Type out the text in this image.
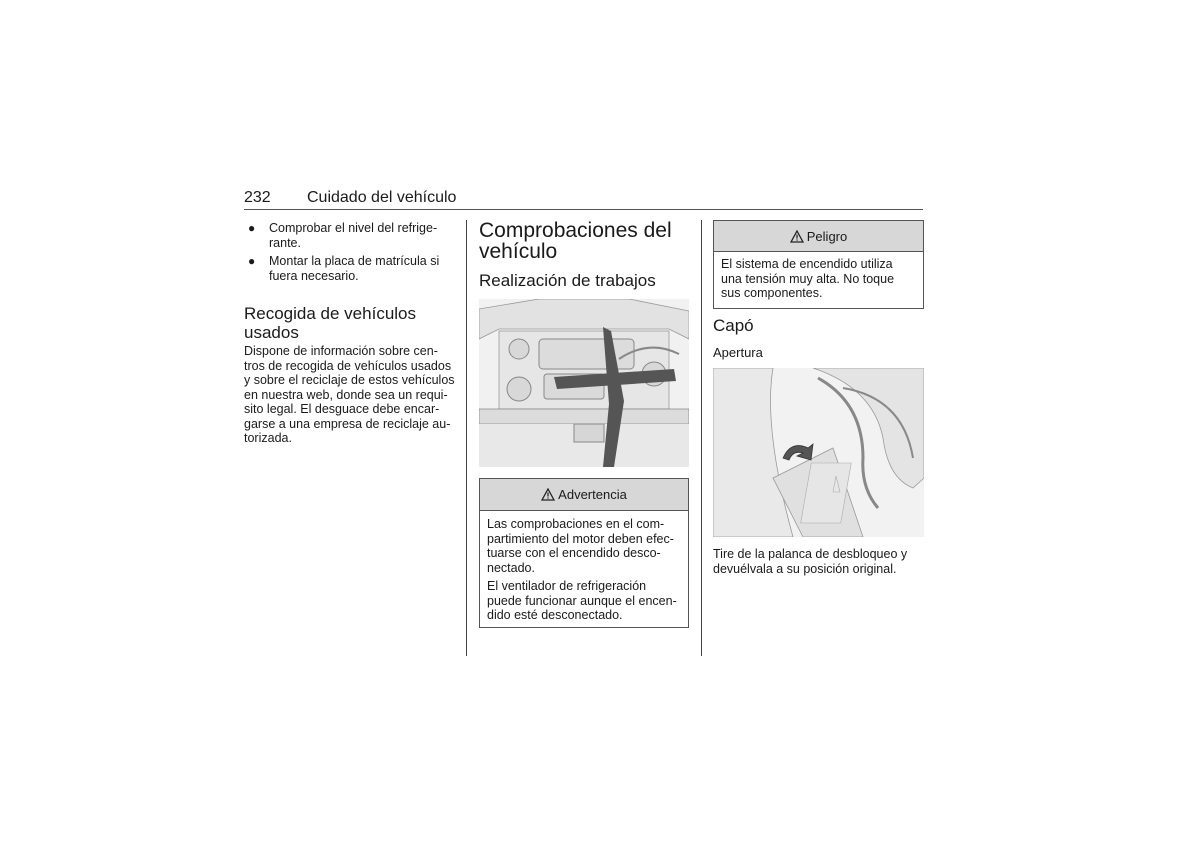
232 Cuidado del vehículo
● Comprobar el nivel del refrige-
rante.
● Montar la placa de matrícula si
fuera necesario.
Recogida de vehículos
usados

Dispone de información sobre cen-
tros de recogida de vehículos usados
y sobre el reciclaje de estos vehículos
en nuestra web, donde sea un requi-
sito legal. El desguace debe encar-
garse a una empresa de reciclaje au-
torizada.

Comprobaciones del
vehículo
Realización de trabajos
Advertencia

Las comprobaciones en el com-
partimiento del motor deben efec-
tuarse con el encendido desco-
nectado.

El ventilador de refrigeración
puede funcionar aunque el encen-
dido esté desconectado.

Peligro

El sistema de encendido utiliza
una tensión muy alta. No toque
sus componentes.

Capó
Apertura

Tire de la palanca de desbloqueo y
devuélvala a su posición original.
